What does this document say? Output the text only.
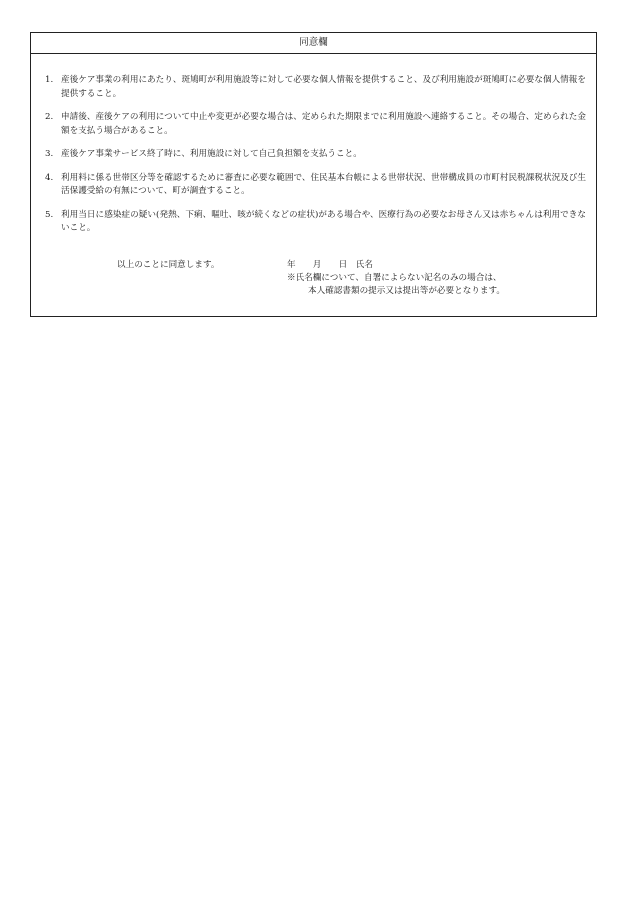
同意欄
1. 産後ケア事業の利用にあたり、斑鳩町が利用施設等に対して必要な個人情報を提供すること、及び利用施設が斑鳩町に必要な個人情報を提供すること。
2. 申請後、産後ケアの利用について中止や変更が必要な場合は、定められた期限までに利用施設へ連絡すること。その場合、定められた金額を支払う場合があること。
3. 産後ケア事業サービス終了時に、利用施設に対して自己負担額を支払うこと。
4. 利用料に係る世帯区分等を確認するために審査に必要な範囲で、住民基本台帳による世帯状況、世帯構成員の市町村民税課税状況及び生活保護受給の有無について、町が調査すること。
5. 利用当日に感染症の疑い(発熱、下痢、嘔吐、咳が続くなどの症状)がある場合や、医療行為の必要なお母さん又は赤ちゃんは利用できないこと。
以上のことに同意します。	年　　月　　日　氏名
※氏名欄について、自署によらない記名のみの場合は、
本人確認書類の提示又は提出等が必要となります。
